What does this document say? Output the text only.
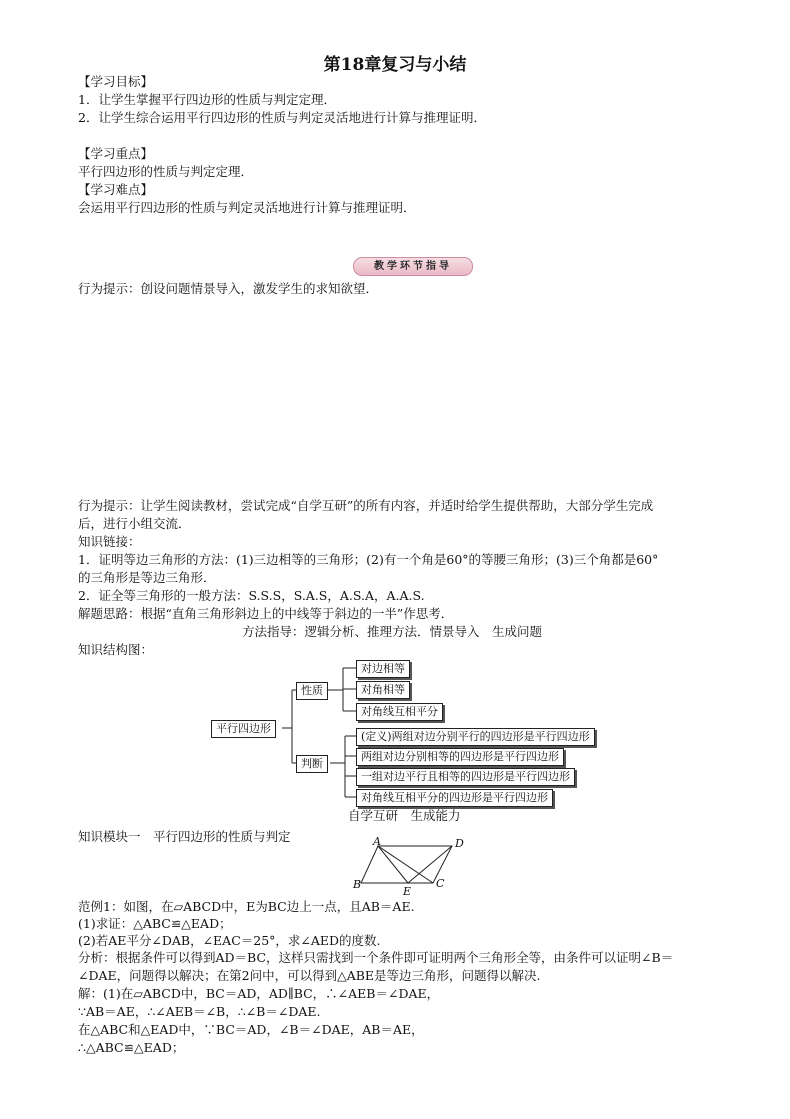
第18章复习与小结
【学习目标】
1．让学生掌握平行四边形的性质与判定定理．
2．让学生综合运用平行四边形的性质与判定灵活地进行计算与推理证明．
【学习重点】
平行四边形的性质与判定定理．
【学习难点】
会运用平行四边形的性质与判定灵活地进行计算与推理证明．
教学环节指导
行为提示：创设问题情景导入，激发学生的求知欲望．
行为提示：让学生阅读教材，尝试完成“自学互研”的所有内容，并适时给学生提供帮助，大部分学生完成
后，进行小组交流．
知识链接：
1．证明等边三角形的方法：(1)三边相等的三角形；(2)有一个角是60°的等腰三角形；(3)三个角都是60°
的三角形是等边三角形．
2．证全等三角形的一般方法：S.S.S，S.A.S，A.S.A，A.A.S.
解题思路：根据“直角三角形斜边上的中线等于斜边的一半”作思考．
方法指导：逻辑分析、推理方法．情景导入　生成问题
知识结构图：
平行四边形
性质
判断
对边相等
对角相等
对角线互相平分
(定义)两组对边分别平行的四边形是平行四边形
两组对边分别相等的四边形是平行四边形
一组对边平行且相等的四边形是平行四边形
对角线互相平分的四边形是平行四边形
自学互研　生成能力
知识模块一　平行四边形的性质与判定	A	D
B
E
C
范例1：如图，在▱ABCD中，E为BC边上一点，且AB＝AE.
(1)求证：△ABC≌△EAD；
(2)若AE平分∠DAB，∠EAC＝25°，求∠AED的度数.
分析：根据条件可以得到AD＝BC，这样只需找到一个条件即可证明两个三角形全等，由条件可以证明∠B＝
∠DAE，问题得以解决；在第2问中，可以得到△ABE是等边三角形，问题得以解决.
解：(1)在▱ABCD中，BC＝AD，AD∥BC，∴∠AEB＝∠DAE，
∵AB＝AE，∴∠AEB＝∠B，∴∠B＝∠DAE.
在△ABC和△EAD中，∵BC＝AD，∠B＝∠DAE，AB＝AE，
∴△ABC≌△EAD；
